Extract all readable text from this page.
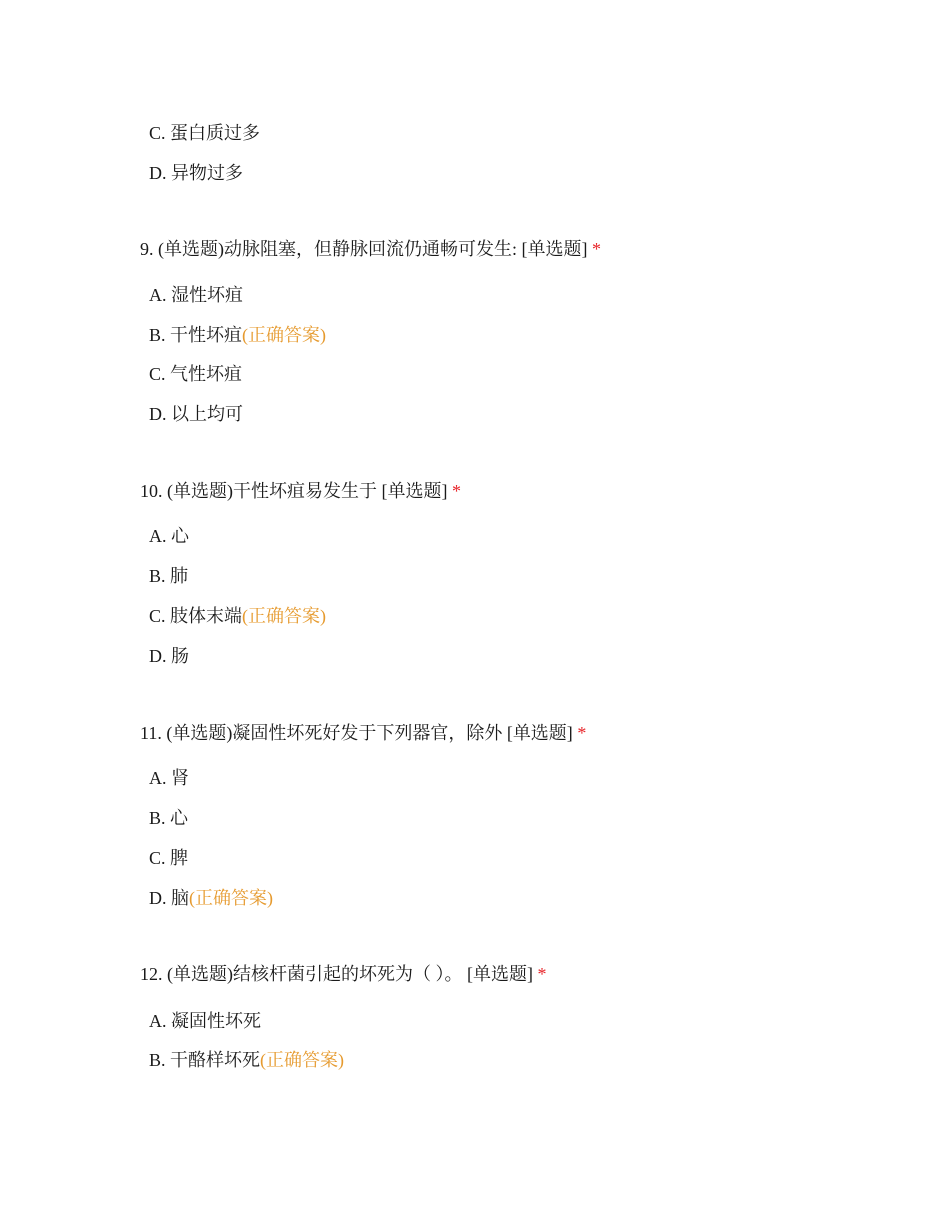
C. 蛋白质过多
D. 异物过多
9. (单选题)动脉阻塞，但静脉回流仍通畅可发生: [单选题] *
A. 湿性坏疽
B. 干性坏疽(正确答案)
C. 气性坏疽
D. 以上均可
10. (单选题)干性坏疽易发生于 [单选题] *
A. 心
B. 肺
C. 肢体末端(正确答案)
D. 肠
11. (单选题)凝固性坏死好发于下列器官，除外 [单选题] *
A. 肾
B. 心
C. 脾
D. 脑(正确答案)
12. (单选题)结核杆菌引起的坏死为（ ）。 [单选题] *
A. 凝固性坏死
B. 干酪样坏死(正确答案)
